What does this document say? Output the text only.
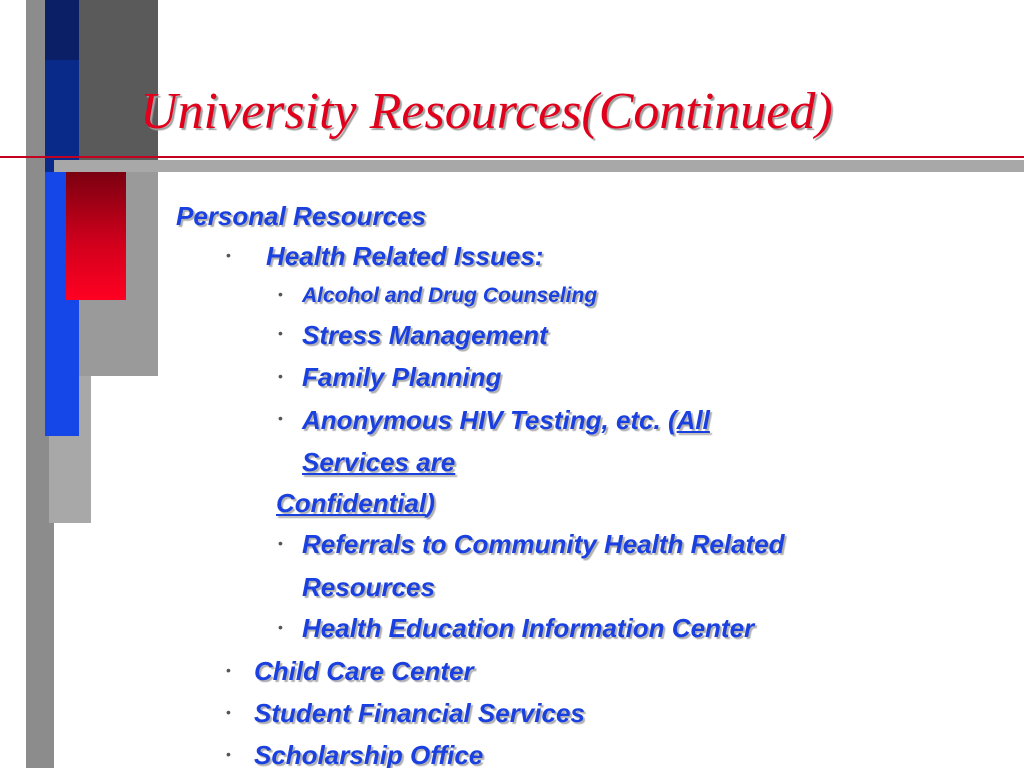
University Resources(Continued)
Personal Resources
• Health Related Issues:
• Alcohol and Drug Counseling
• Stress Management
• Family Planning
• Anonymous HIV Testing, etc. (All
Services are
Confidential)
• Referrals to Community Health Related
Resources
• Health Education Information Center
• Child Care Center
• Student Financial Services
• Scholarship Office
